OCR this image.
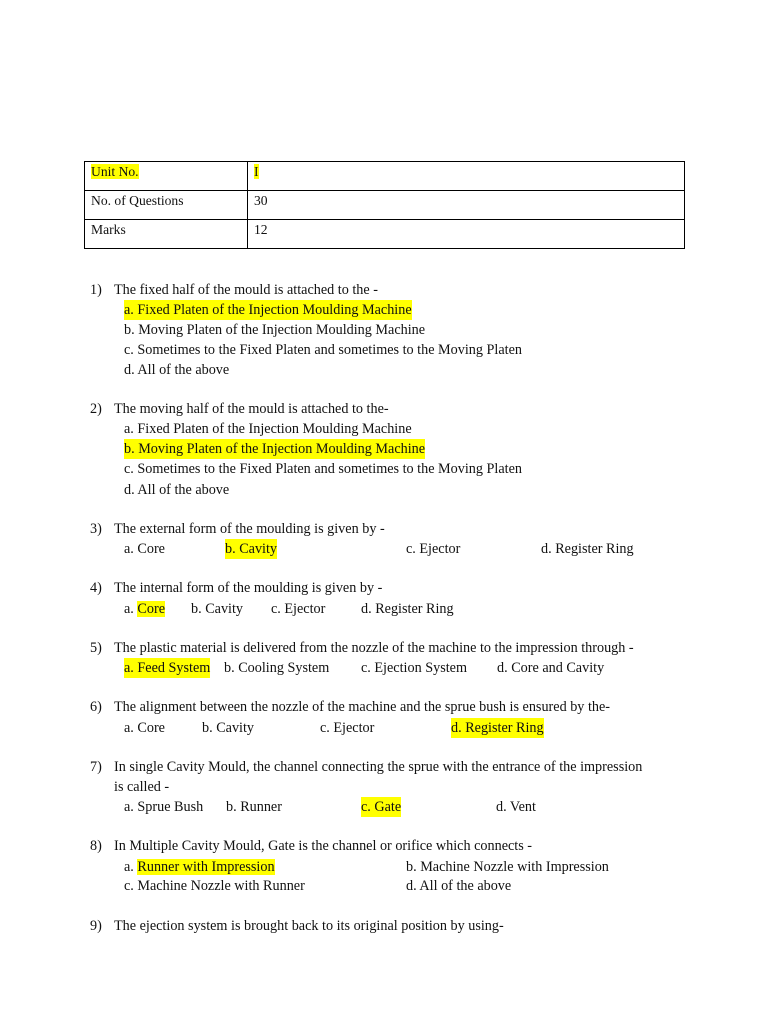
Unit No.	I
No. of Questions	30
Marks	12
1) The fixed half of the mould is attached to the -
a. Fixed Platen of the Injection Moulding Machine
b. Moving Platen of the Injection Moulding Machine
c. Sometimes to the Fixed Platen and sometimes to the Moving Platen
d. All of the above
2) The moving half of the mould is attached to the-
a. Fixed Platen of the Injection Moulding Machine
b. Moving Platen of the Injection Moulding Machine
c. Sometimes to the Fixed Platen and sometimes to the Moving Platen
d. All of the above
3) The external form of the moulding is given by -
a. Core	b. Cavity	c. Ejector	d. Register Ring
4) The internal form of the moulding is given by -
a. Core b. Cavity c. Ejector	d. Register Ring
5) The plastic material is delivered from the nozzle of the machine to the impression through -
a. Feed System b. Cooling System c. Ejection System d. Core and Cavity
6) The alignment between the nozzle of the machine and the sprue bush is ensured by the-
a. Core	b. Cavity	c. Ejector	d. Register Ring
7) In single Cavity Mould, the channel connecting the sprue with the entrance of the impression
is called -
a. Sprue Bush b. Runner	c. Gate	d. Vent
8) In Multiple Cavity Mould, Gate is the channel or orifice which connects -
a. Runner with Impression	b. Machine Nozzle with Impression
c. Machine Nozzle with Runner	d. All of the above
9) The ejection system is brought back to its original position by using-
